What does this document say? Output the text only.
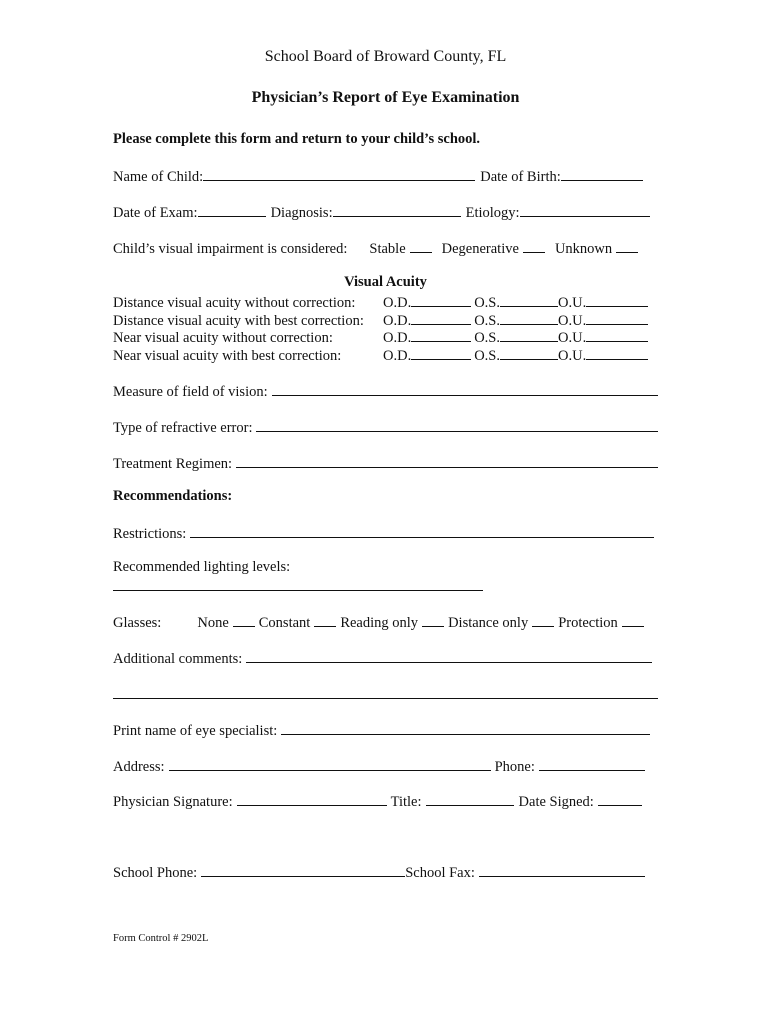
School Board of Broward County, FL
Physician’s Report of Eye Examination
Please complete this form and return to your child’s school.
Name of Child:	Date of Birth:
Date of Exam:	Diagnosis:	Etiology:
Child’s visual impairment is considered: Stable Degenerative Unknown
Visual Acuity
Distance visual acuity without correction:	O.D.	O.S.	O.U.
Distance visual acuity with best correction:	O.D.	O.S.	O.U.
Near visual acuity without correction:	O.D.	O.S.	O.U.
Near visual acuity with best correction:	O.D.	O.S.	O.U.
Measure of field of vision:
Type of refractive error:
Treatment Regimen:
Recommendations:
Restrictions:
Recommended lighting levels:
Glasses: None Constant Reading only Distance only Protection
Additional comments:
Print name of eye specialist:
Address:	Phone:
Physician Signature:	Title:	Date Signed:
School Phone:	School Fax:
Form Control # 2902L
